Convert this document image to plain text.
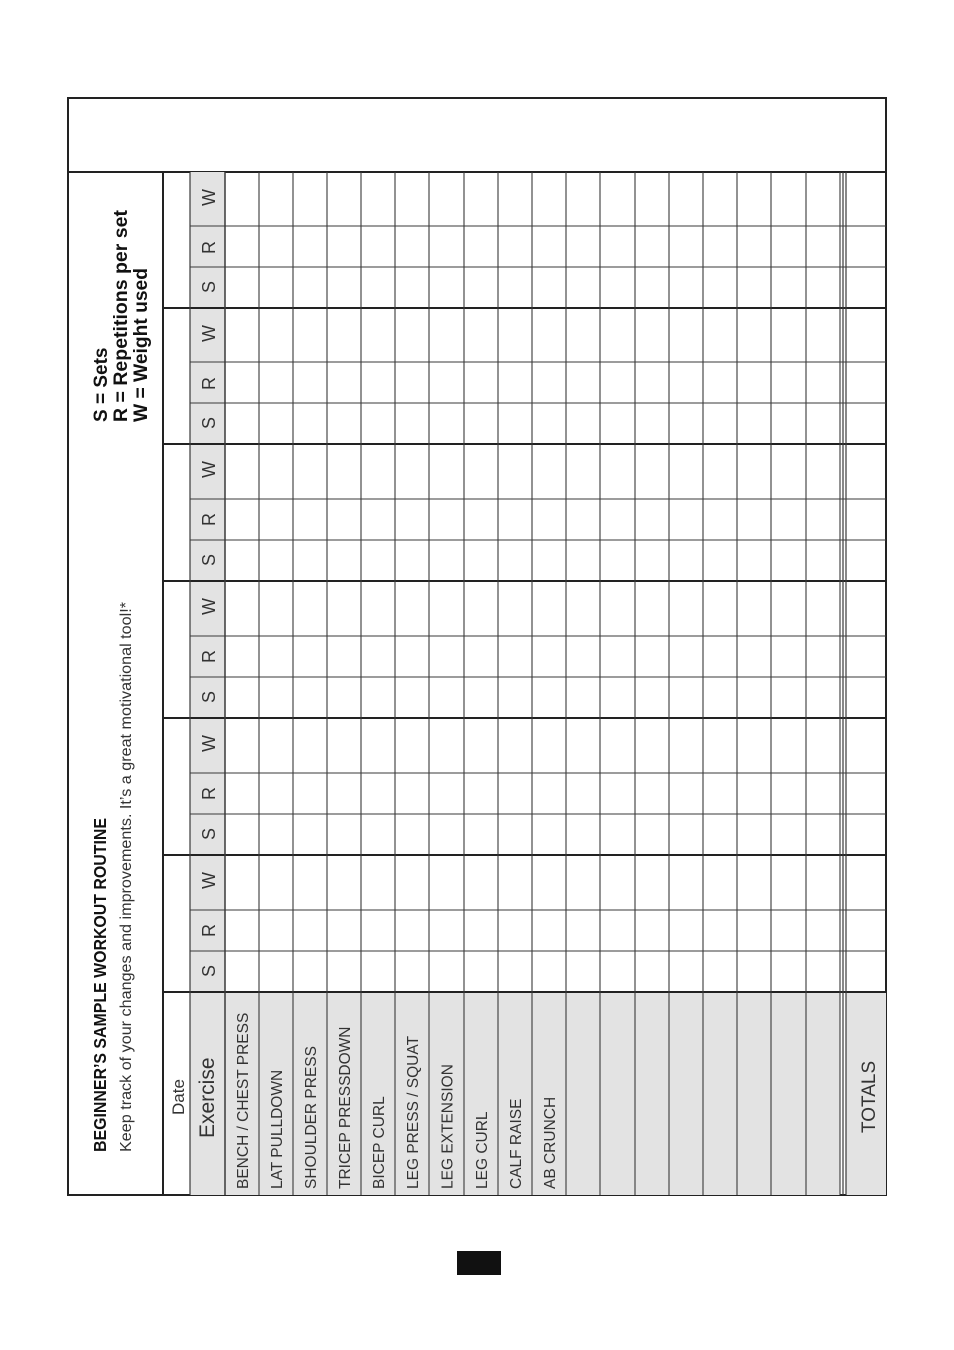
BEGINNER’S SAMPLE WORKOUT ROUTINE Keep track of your changes and improvements. It’s a great motivational tool!*
S = Sets R = Repetitions per set W = Weight used	S
R
W
S
R
W
S
R
W
S
R
W
S
R
W
S
R
W
Date Exercise BENCH / CHEST PRESS LAT PULLDOWN SHOULDER PRESS TRICEP PRESSDOWN BICEP CURL LEG PRESS / SQUAT LEG EXTENSION LEG CURL CALF RAISE AB CRUNCH	TOTALS
